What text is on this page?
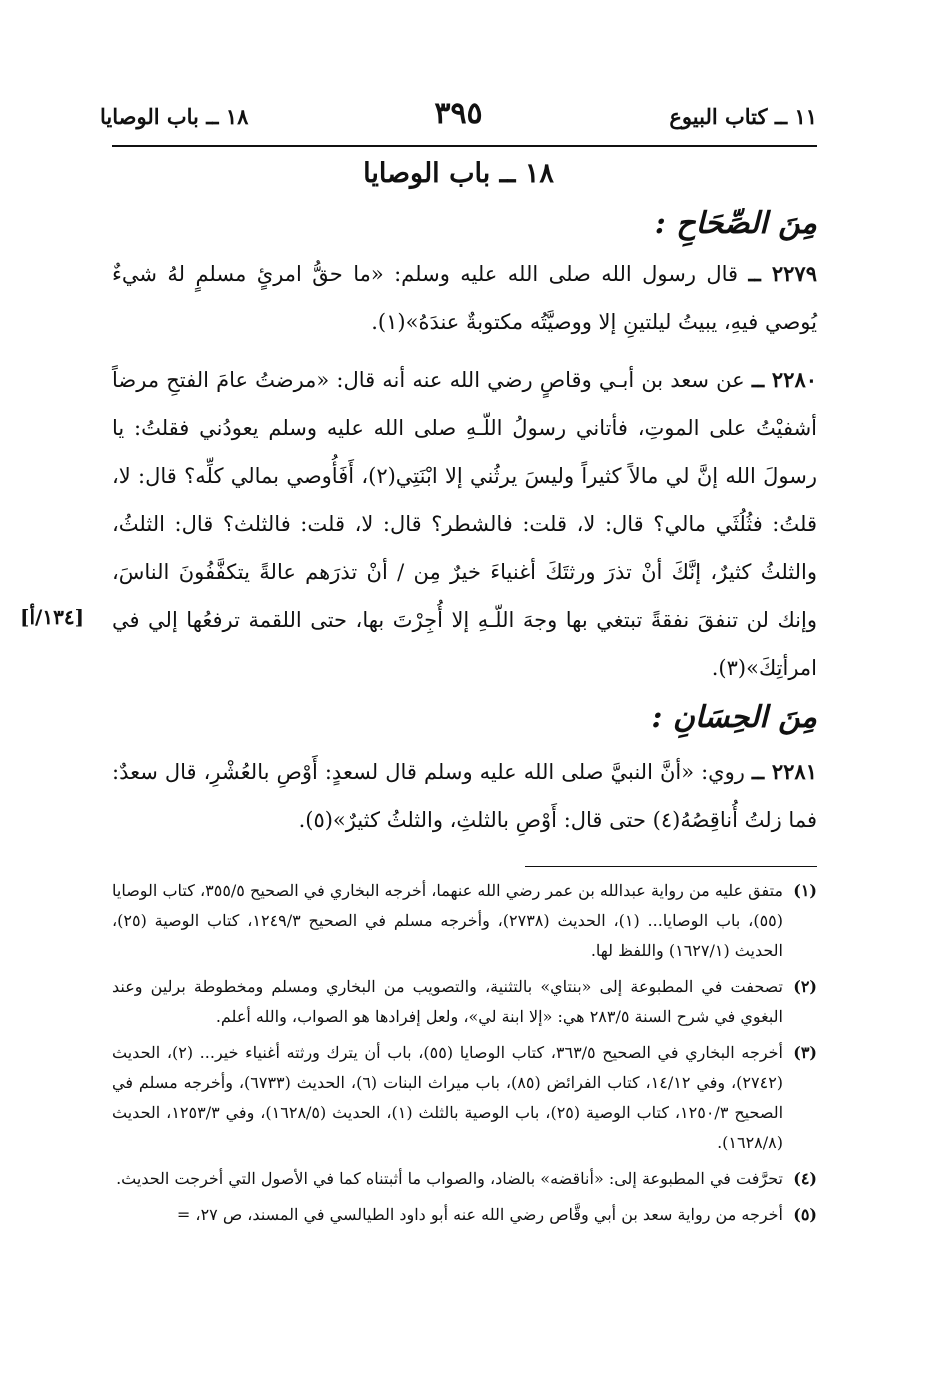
١١ ــ كتاب البيوع
٣٩٥
١٨ ــ باب الوصايا
١٨ ــ باب الوصايا
مِنَ الصِّحَاحِ :

٢٢٧٩ ــ قال رسول الله صلى الله عليه وسلم: «ما حقُّ امرئٍ مسلمٍ لهُ شيءٌ يُوصي فيهِ، يبيتُ ليلتينِ إلا ووصيَّتُه مكتوبةٌ عندَهُ»(١).

٢٢٨٠ ــ عن سعد بن أبـي وقاصٍ رضي الله عنه أنه قال: «مرضتُ عامَ الفتحِ مرضاً أشفيْتُ على الموتِ، فأتاني رسولُ اللّـهِ صلى الله عليه وسلم يعودُني فقلتُ: يا رسولَ الله إنَّ لي مالاً كثيراً وليسَ يرثُني إلا ابْنَتِي(٢)، أَفَأُوصي بمالي كلِّه؟ قال: لا، قلتُ: فثُلُثَي مالي؟ قال: لا، قلت: فالشطر؟ قال: لا، قلت: فالثلث؟ قال: الثلثُ، والثلثُ كثيرٌ، إنَّكَ أنْ تذرَ ورثتَكَ أغنياءَ خيرٌ مِن / أنْ تذرَهم عالةً يتكفَّفُونَ الناسَ، وإنك لن تنفقَ نفقةً تبتغي بها وجهَ اللّـهِ إلا أُجِرْتَ بها، حتى اللقمة ترفعُها إلي في امرأتِكَ»(٣).

[١٣٤/أ]
مِنَ الحِسَانِ :

٢٢٨١ ــ روي: «أنَّ النبيَّ صلى الله عليه وسلم قال لسعدٍ: أَوْصِ بالعُشْرِ، قال سعدٌ: فما زلتُ أُناقِصُهُ(٤) حتى قال: أَوْصِ بالثلثِ، والثلثُ كثيرٌ»(٥).

(١)
متفق عليه من رواية عبدالله بن عمر رضي الله عنهما، أخرجه البخاري في الصحيح ٣٥٥/٥، كتاب الوصايا (٥٥)، باب الوصايا... (١)، الحديث (٢٧٣٨)، وأخرجه مسلم في الصحيح ١٢٤٩/٣، كتاب الوصية (٢٥)، الحديث (١٦٢٧/١) واللفظ لها.
(٢)
تصحفت في المطبوعة إلى «بنتاي» بالتثنية، والتصويب من البخاري ومسلم ومخطوطة برلين وعند البغوي في شرح السنة ٢٨٣/٥ هي: «إلا ابنة لي»، ولعل إفرادها هو الصواب، والله أعلم.
(٣)
أخرجه البخاري في الصحيح ٣٦٣/٥، كتاب الوصايا (٥٥)، باب أن يترك ورثته أغنياء خير... (٢)، الحديث (٢٧٤٢)، وفي ١٤/١٢، كتاب الفرائض (٨٥)، باب ميراث البنات (٦)، الحديث (٦٧٣٣)، وأخرجه مسلم في الصحيح ١٢٥٠/٣، كتاب الوصية (٢٥)، باب الوصية بالثلث (١)، الحديث (١٦٢٨/٥)، وفي ١٢٥٣/٣، الحديث (١٦٢٨/٨).
(٤)
تحرَّفت في المطبوعة إلى: «أناقضه» بالضاد، والصواب ما أثبتناه كما في الأصول التي أخرجت الحديث.
(٥)
أخرجه من رواية سعد بن أبي وقَّاص رضي الله عنه أبو داود الطيالسي في المسند، ص ٢٧، =
